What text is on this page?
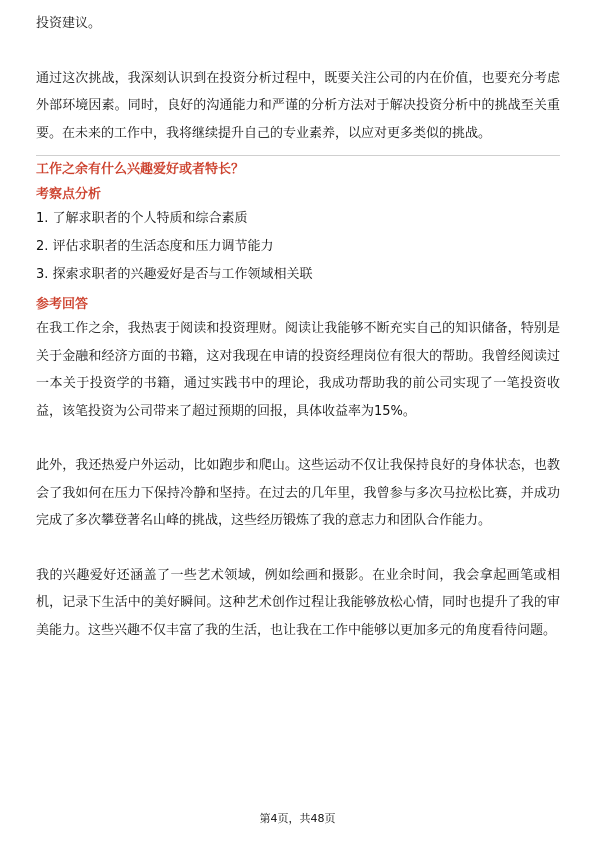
投资建议。

通过这次挑战，我深刻认识到在投资分析过程中，既要关注公司的内在价值，也要充分考虑外部环境因素。同时，良好的沟通能力和严谨的分析方法对于解决投资分析中的挑战至关重要。在未来的工作中，我将继续提升自己的专业素养，以应对更多类似的挑战。

工作之余有什么兴趣爱好或者特长？
考察点分析
1. 了解求职者的个人特质和综合素质
2. 评估求职者的生活态度和压力调节能力
3. 探索求职者的兴趣爱好是否与工作领域相关联
参考回答

在我工作之余，我热衷于阅读和投资理财。阅读让我能够不断充实自己的知识储备，特别是关于金融和经济方面的书籍，这对我现在申请的投资经理岗位有很大的帮助。我曾经阅读过一本关于投资学的书籍，通过实践书中的理论，我成功帮助我的前公司实现了一笔投资收益，该笔投资为公司带来了超过预期的回报，具体收益率为15%。

此外，我还热爱户外运动，比如跑步和爬山。这些运动不仅让我保持良好的身体状态，也教会了我如何在压力下保持冷静和坚持。在过去的几年里，我曾参与多次马拉松比赛，并成功完成了多次攀登著名山峰的挑战，这些经历锻炼了我的意志力和团队合作能力。

我的兴趣爱好还涵盖了一些艺术领域，例如绘画和摄影。在业余时间，我会拿起画笔或相机，记录下生活中的美好瞬间。这种艺术创作过程让我能够放松心情，同时也提升了我的审美能力。这些兴趣不仅丰富了我的生活，也让我在工作中能够以更加多元的角度看待问题。

第4页，共48页
